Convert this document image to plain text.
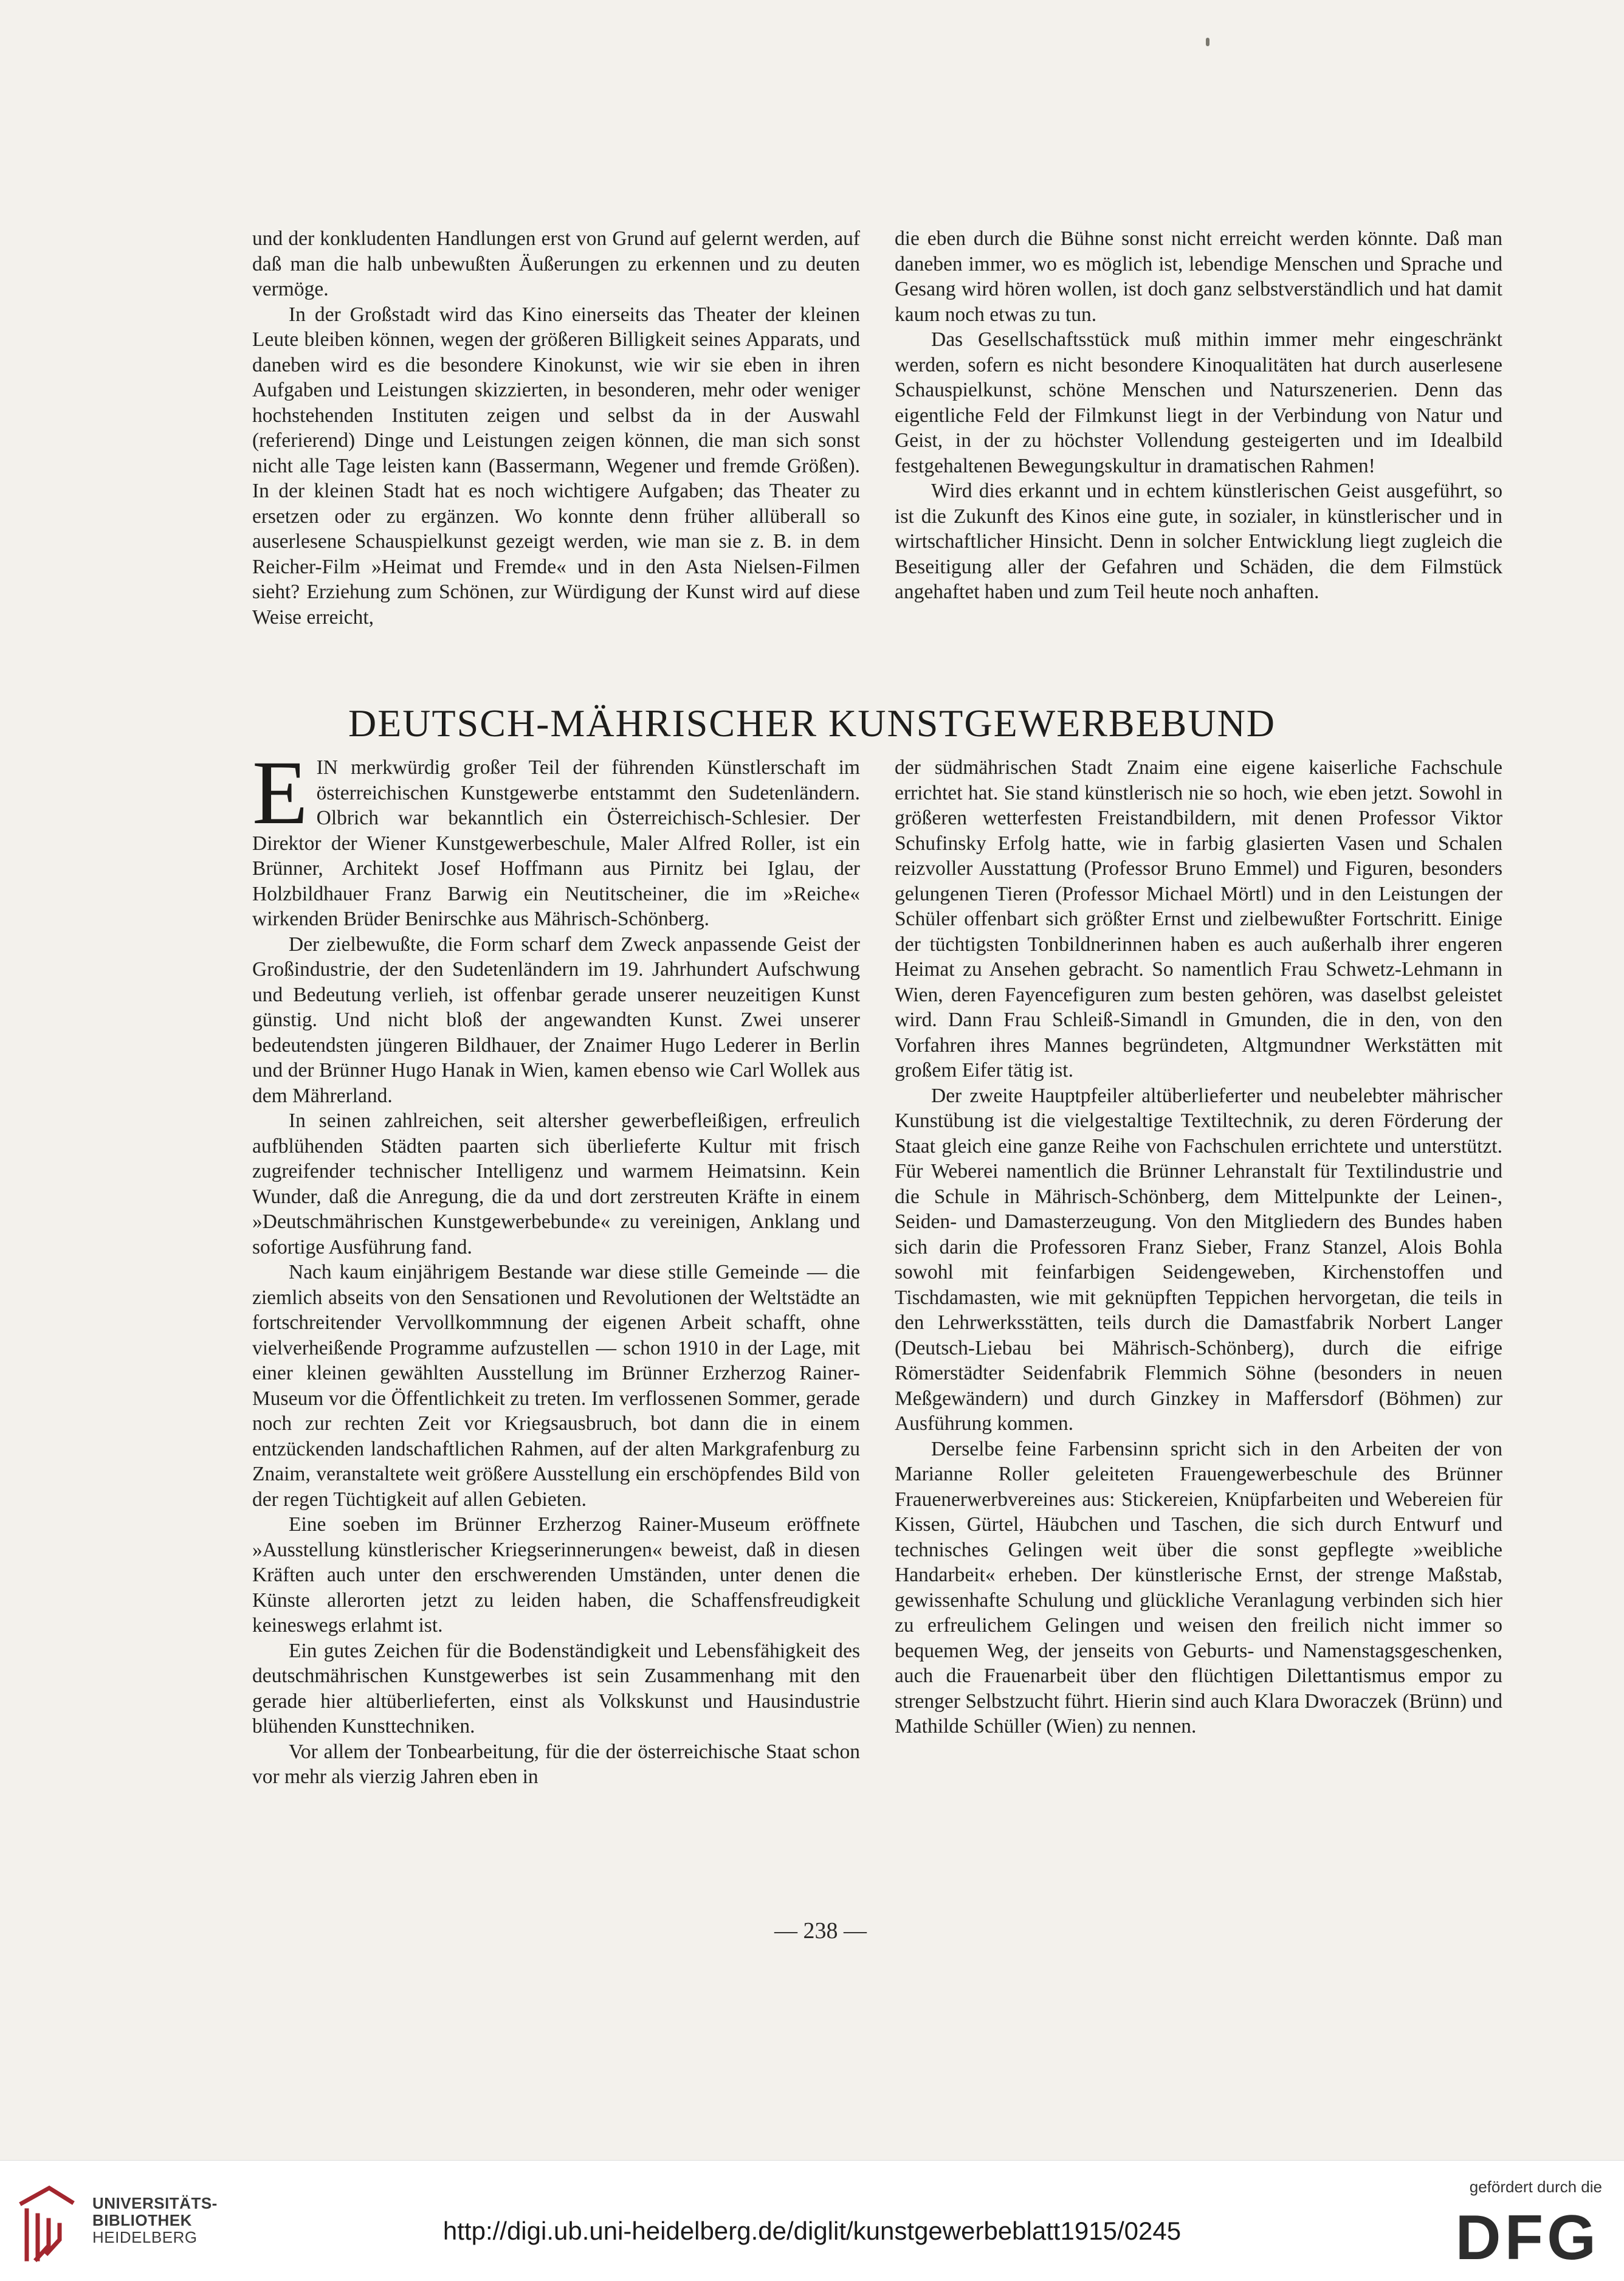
und der konkludenten Handlungen erst von Grund auf gelernt werden, auf daß man die halb unbewußten Äußerungen zu erkennen und zu deuten vermöge.

In der Großstadt wird das Kino einerseits das Theater der kleinen Leute bleiben können, wegen der größeren Billigkeit seines Apparats, und daneben wird es die besondere Kinokunst, wie wir sie eben in ihren Aufgaben und Leistungen skizzierten, in besonderen, mehr oder weniger hochstehenden Instituten zeigen und selbst da in der Auswahl (referierend) Dinge und Leistungen zeigen können, die man sich sonst nicht alle Tage leisten kann (Bassermann, Wegener und fremde Größen). In der kleinen Stadt hat es noch wichtigere Aufgaben; das Theater zu ersetzen oder zu ergänzen. Wo konnte denn früher allüberall so auserlesene Schauspielkunst gezeigt werden, wie man sie z. B. in dem Reicher-Film »Heimat und Fremde« und in den Asta Nielsen-Filmen sieht? Erziehung zum Schönen, zur Würdigung der Kunst wird auf diese Weise erreicht,

die eben durch die Bühne sonst nicht erreicht werden könnte. Daß man daneben immer, wo es möglich ist, lebendige Menschen und Sprache und Gesang wird hören wollen, ist doch ganz selbstverständlich und hat damit kaum noch etwas zu tun.

Das Gesellschaftsstück muß mithin immer mehr eingeschränkt werden, sofern es nicht besondere Kinoqualitäten hat durch auserlesene Schauspielkunst, schöne Menschen und Naturszenerien. Denn das eigentliche Feld der Filmkunst liegt in der Verbindung von Natur und Geist, in der zu höchster Vollendung gesteigerten und im Idealbild festgehaltenen Bewegungskultur in dramatischen Rahmen!

Wird dies erkannt und in echtem künstlerischen Geist ausgeführt, so ist die Zukunft des Kinos eine gute, in sozialer, in künstlerischer und in wirtschaftlicher Hinsicht. Denn in solcher Entwicklung liegt zugleich die Beseitigung aller der Gefahren und Schäden, die dem Filmstück angehaftet haben und zum Teil heute noch anhaften.

DEUTSCH-MÄHRISCHER KUNSTGEWERBEBUND
E IN merkwürdig großer Teil der führenden Künstlerschaft im österreichischen Kunstgewerbe entstammt den Sudetenländern. Olbrich war bekanntlich ein Österreichisch-Schlesier. Der Direktor der Wiener Kunstgewerbeschule, Maler Alfred Roller, ist ein Brünner, Architekt Josef Hoffmann aus Pirnitz bei Iglau, der Holzbildhauer Franz Barwig ein Neutitscheiner, die im »Reiche« wirkenden Brüder Benirschke aus Mährisch-Schönberg.

Der zielbewußte, die Form scharf dem Zweck anpassende Geist der Großindustrie, der den Sudetenländern im 19. Jahrhundert Aufschwung und Bedeutung verlieh, ist offenbar gerade unserer neuzeitigen Kunst günstig. Und nicht bloß der angewandten Kunst. Zwei unserer bedeutendsten jüngeren Bildhauer, der Znaimer Hugo Lederer in Berlin und der Brünner Hugo Hanak in Wien, kamen ebenso wie Carl Wollek aus dem Mährerland.

In seinen zahlreichen, seit altersher gewerbefleißigen, erfreulich aufblühenden Städten paarten sich überlieferte Kultur mit frisch zugreifender technischer Intelligenz und warmem Heimatsinn. Kein Wunder, daß die Anregung, die da und dort zerstreuten Kräfte in einem »Deutschmährischen Kunstgewerbebunde« zu vereinigen, Anklang und sofortige Ausführung fand.

Nach kaum einjährigem Bestande war diese stille Gemeinde — die ziemlich abseits von den Sensationen und Revolutionen der Weltstädte an fortschreitender Vervollkommnung der eigenen Arbeit schafft, ohne vielverheißende Programme aufzustellen — schon 1910 in der Lage, mit einer kleinen gewählten Ausstellung im Brünner Erzherzog Rainer-Museum vor die Öffentlichkeit zu treten. Im verflossenen Sommer, gerade noch zur rechten Zeit vor Kriegsausbruch, bot dann die in einem entzückenden landschaftlichen Rahmen, auf der alten Markgrafenburg zu Znaim, veranstaltete weit größere Ausstellung ein erschöpfendes Bild von der regen Tüchtigkeit auf allen Gebieten.

Eine soeben im Brünner Erzherzog Rainer-Museum eröffnete »Ausstellung künstlerischer Kriegserinnerungen« beweist, daß in diesen Kräften auch unter den erschwerenden Umständen, unter denen die Künste allerorten jetzt zu leiden haben, die Schaffensfreudigkeit keineswegs erlahmt ist.

Ein gutes Zeichen für die Bodenständigkeit und Lebensfähigkeit des deutschmährischen Kunstgewerbes ist sein Zusammenhang mit den gerade hier altüberlieferten, einst als Volkskunst und Hausindustrie blühenden Kunsttechniken.

Vor allem der Tonbearbeitung, für die der österreichische Staat schon vor mehr als vierzig Jahren eben in

der südmährischen Stadt Znaim eine eigene kaiserliche Fachschule errichtet hat. Sie stand künstlerisch nie so hoch, wie eben jetzt. Sowohl in größeren wetterfesten Freistandbildern, mit denen Professor Viktor Schufinsky Erfolg hatte, wie in farbig glasierten Vasen und Schalen reizvoller Ausstattung (Professor Bruno Emmel) und Figuren, besonders gelungenen Tieren (Professor Michael Mörtl) und in den Leistungen der Schüler offenbart sich größter Ernst und zielbewußter Fortschritt. Einige der tüchtigsten Tonbildnerinnen haben es auch außerhalb ihrer engeren Heimat zu Ansehen gebracht. So namentlich Frau Schwetz-Lehmann in Wien, deren Fayencefiguren zum besten gehören, was daselbst geleistet wird. Dann Frau Schleiß-Simandl in Gmunden, die in den, von den Vorfahren ihres Mannes begründeten, Altgmundner Werkstätten mit großem Eifer tätig ist.

Der zweite Hauptpfeiler altüberlieferter und neubelebter mährischer Kunstübung ist die vielgestaltige Textiltechnik, zu deren Förderung der Staat gleich eine ganze Reihe von Fachschulen errichtete und unterstützt. Für Weberei namentlich die Brünner Lehranstalt für Textilindustrie und die Schule in Mährisch-Schönberg, dem Mittelpunkte der Leinen-, Seiden- und Damasterzeugung. Von den Mitgliedern des Bundes haben sich darin die Professoren Franz Sieber, Franz Stanzel, Alois Bohla sowohl mit feinfarbigen Seidengeweben, Kirchenstoffen und Tischdamasten, wie mit geknüpften Teppichen hervorgetan, die teils in den Lehrwerksstätten, teils durch die Damastfabrik Norbert Langer (Deutsch-Liebau bei Mährisch-Schönberg), durch die eifrige Römerstädter Seidenfabrik Flemmich Söhne (besonders in neuen Meßgewändern) und durch Ginzkey in Maffersdorf (Böhmen) zur Ausführung kommen.

Derselbe feine Farbensinn spricht sich in den Arbeiten der von Marianne Roller geleiteten Frauengewerbeschule des Brünner Frauenerwerbvereines aus: Stickereien, Knüpfarbeiten und Webereien für Kissen, Gürtel, Häubchen und Taschen, die sich durch Entwurf und technisches Gelingen weit über die sonst gepflegte »weibliche Handarbeit« erheben. Der künstlerische Ernst, der strenge Maßstab, gewissenhafte Schulung und glückliche Veranlagung verbinden sich hier zu erfreulichem Gelingen und weisen den freilich nicht immer so bequemen Weg, der jenseits von Geburts- und Namenstagsgeschenken, auch die Frauenarbeit über den flüchtigen Dilettantismus empor zu strenger Selbstzucht führt. Hierin sind auch Klara Dworaczek (Brünn) und Mathilde Schüller (Wien) zu nennen.

— 238 —
UNIVERSITÄTS-
BIBLIOTHEK
HEIDELBERG	http://digi.ub.uni-heidelberg.de/diglit/kunstgewerbeblatt1915/0245
gefördert durch die
DFG
